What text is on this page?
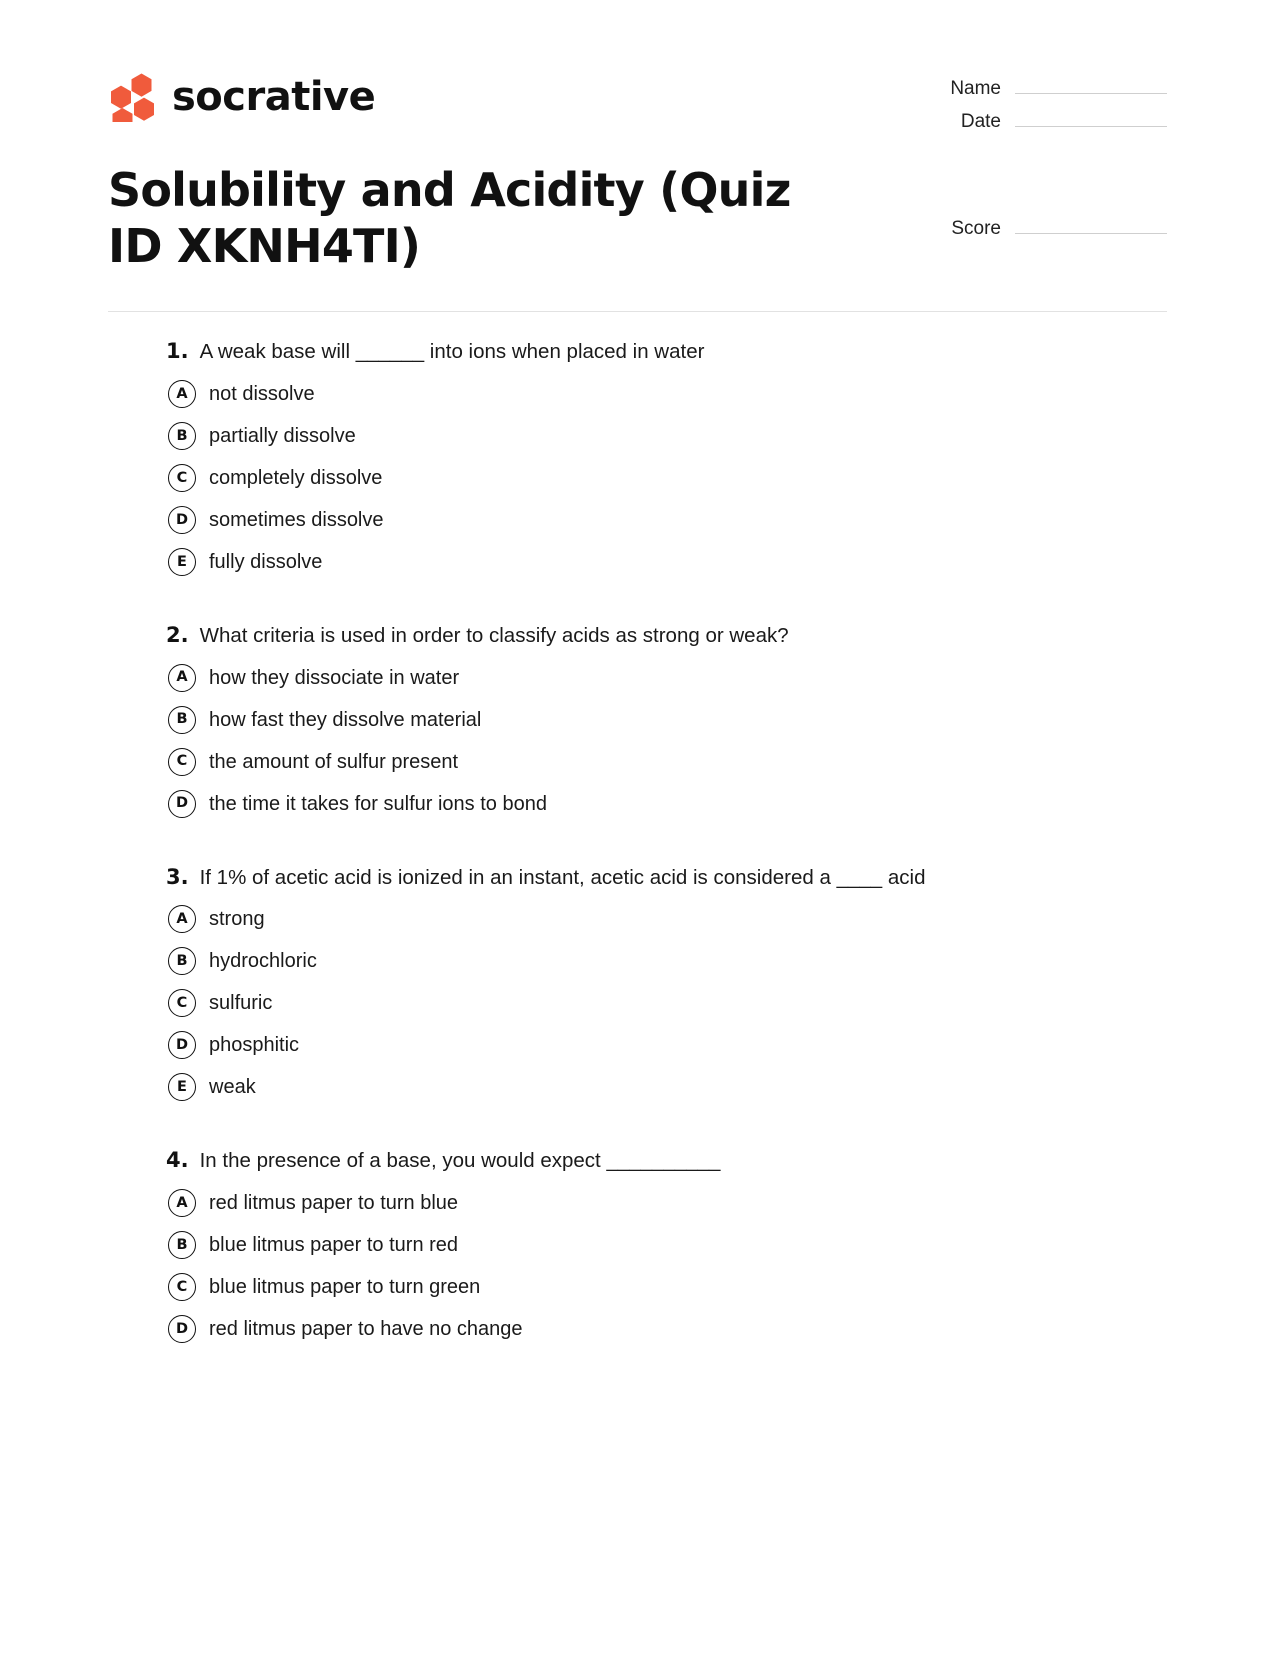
socrative	Name
Date
Solubility and Acidity (Quiz ID XKNH4TI)	Score
1. A weak base will ______ into ions when placed in water
A	not dissolve
B	partially dissolve
C	completely dissolve
D	sometimes dissolve
E	fully dissolve
2. What criteria is used in order to classify acids as strong or weak?
A	how they dissociate in water
B	how fast they dissolve material
C	the amount of sulfur present
D	the time it takes for sulfur ions to bond
3. If 1% of acetic acid is ionized in an instant, acetic acid is considered a ____ acid
A	strong
B	hydrochloric
C	sulfuric
D	phosphitic
E	weak
4. In the presence of a base, you would expect __________
A	red litmus paper to turn blue
B	blue litmus paper to turn red
C	blue litmus paper to turn green
D	red litmus paper to have no change
